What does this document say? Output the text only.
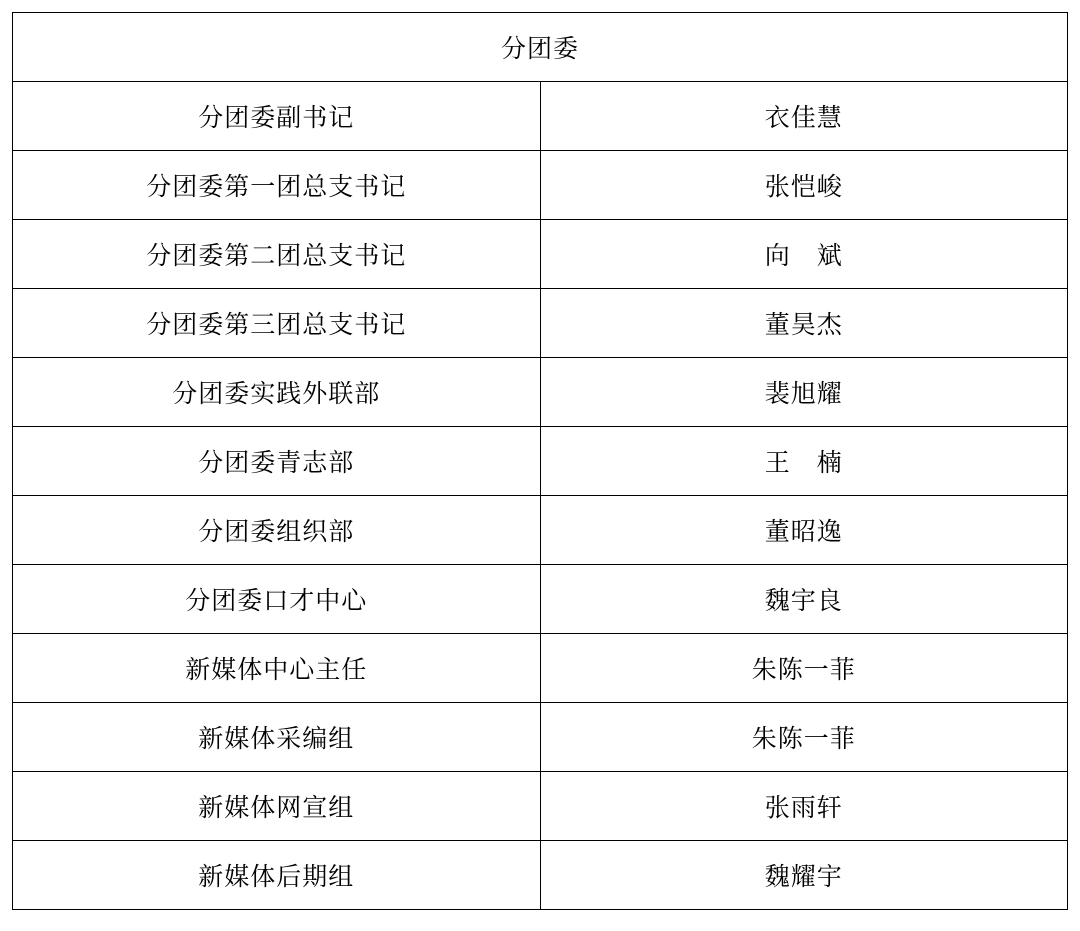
分团委	
分团委副书记	衣佳慧
分团委第一团总支书记	张恺峻
分团委第二团总支书记	向　斌
分团委第三团总支书记	董昊杰
分团委实践外联部	裴旭耀
分团委青志部	王　楠
分团委组织部	董昭逸
分团委口才中心	魏宇良
新媒体中心主任	朱陈一菲
新媒体采编组	朱陈一菲
新媒体网宣组	张雨轩
新媒体后期组	魏耀宇
